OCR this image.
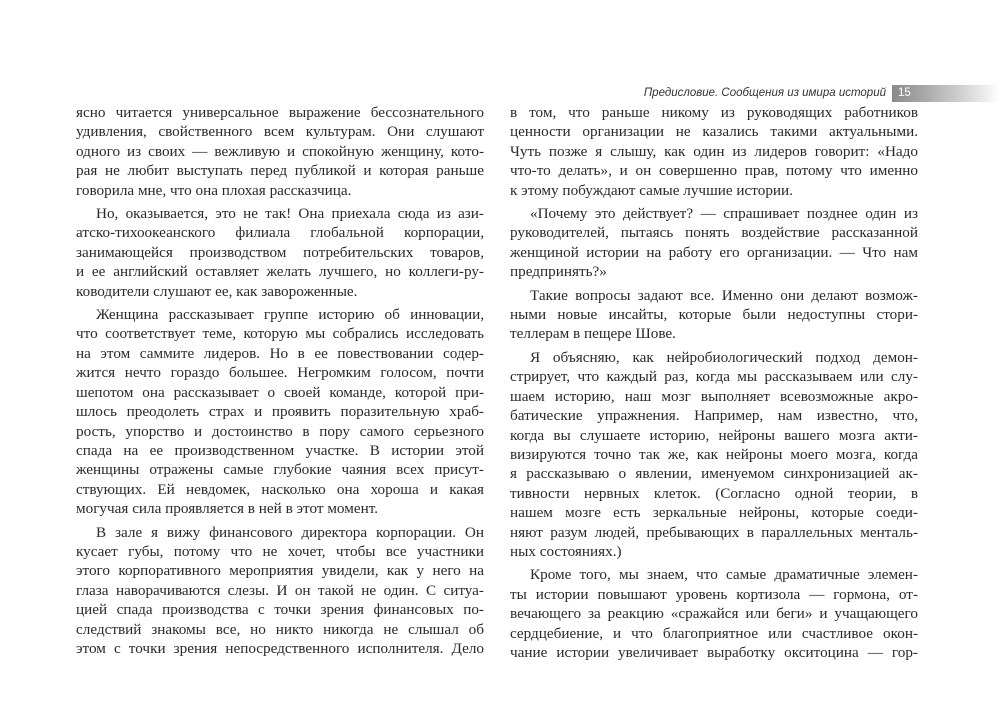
Предисловие. Сообщения из имира историй	15
ясно читается универсальное выражение бессознательного
удивления, свойственного всем культурам. Они слушают
одного из своих — вежливую и спокойную женщину, кото-
рая не любит выступать перед публикой и которая раньше
говорила мне, что она плохая рассказчица.
Но, оказывается, это не так! Она приехала сюда из ази-
атско-тихоокеанского филиала глобальной корпорации,
занимающейся производством потребительских товаров,
и ее английский оставляет желать лучшего, но коллеги-ру-
ководители слушают ее, как завороженные.
Женщина рассказывает группе историю об инновации,
что соответствует теме, которую мы собрались исследовать
на этом саммите лидеров. Но в ее повествовании содер-
жится нечто гораздо большее. Негромким голосом, почти
шепотом она рассказывает о своей команде, которой при-
шлось преодолеть страх и проявить поразительную храб-
рость, упорство и достоинство в пору самого серьезного
спада на ее производственном участке. В истории этой
женщины отражены самые глубокие чаяния всех присут-
ствующих. Ей невдомек, насколько она хороша и какая
могучая сила проявляется в ней в этот момент.
В зале я вижу финансового директора корпорации. Он
кусает губы, потому что не хочет, чтобы все участники
этого корпоративного мероприятия увидели, как у него на
глаза наворачиваются слезы. И он такой не один. С ситуа-
цией спада производства с точки зрения финансовых по-
следствий знакомы все, но никто никогда не слышал об
этом с точки зрения непосредственного исполнителя. Дело
в том, что раньше никому из руководящих работников
ценности организации не казались такими актуальными.
Чуть позже я слышу, как один из лидеров говорит: «Надо
что-то делать», и он совершенно прав, потому что именно
к этому побуждают самые лучшие истории.
«Почему это действует? — спрашивает позднее один из
руководителей, пытаясь понять воздействие рассказанной
женщиной истории на работу его организации. — Что нам
предпринять?»
Такие вопросы задают все. Именно они делают возмож-
ными новые инсайты, которые были недоступны стори-
теллерам в пещере Шове.
Я объясняю, как нейробиологический подход демон-
стрирует, что каждый раз, когда мы рассказываем или слу-
шаем историю, наш мозг выполняет всевозможные акро-
батические упражнения. Например, нам известно, что,
когда вы слушаете историю, нейроны вашего мозга акти-
визируются точно так же, как нейроны моего мозга, когда
я рассказываю о явлении, именуемом синхронизацией ак-
тивности нервных клеток. (Согласно одной теории, в
нашем мозге есть зеркальные нейроны, которые соеди-
няют разум людей, пребывающих в параллельных менталь-
ных состояниях.)
Кроме того, мы знаем, что самые драматичные элемен-
ты истории повышают уровень кортизола — гормона, от-
вечающего за реакцию «сражайся или беги» и учащающего
сердцебиение, и что благоприятное или счастливое окон-
чание истории увеличивает выработку окситоцина — гор-
